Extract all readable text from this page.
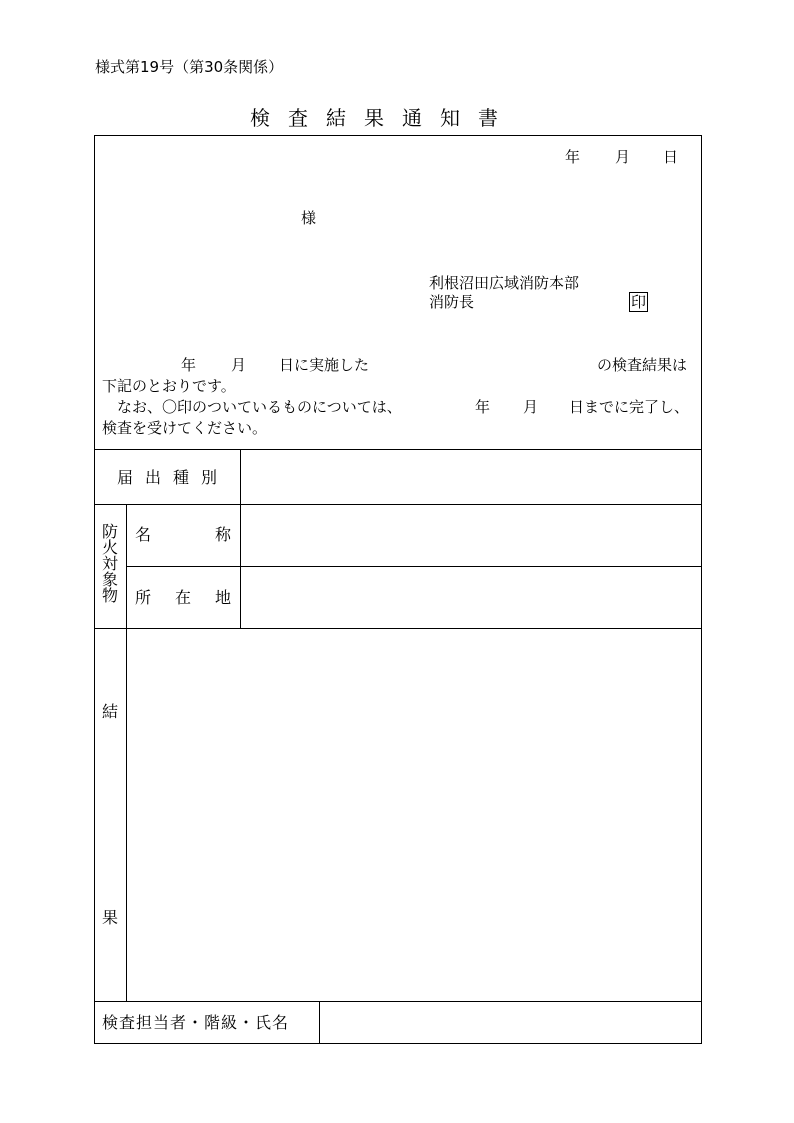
様式第19号（第30条関係）
検査結果通知書
年 月 日
様
利根沼田広域消防本部
消防長	印
年 月 日に実施した	の検査結果は
下記のとおりです。
なお、〇印のついているものについては、	年 月 日までに完了し、
検査を受けてください。
届 出 種 別
防火対象物
名	称
所 在 地
結
果
検査担当者・階級・氏名
